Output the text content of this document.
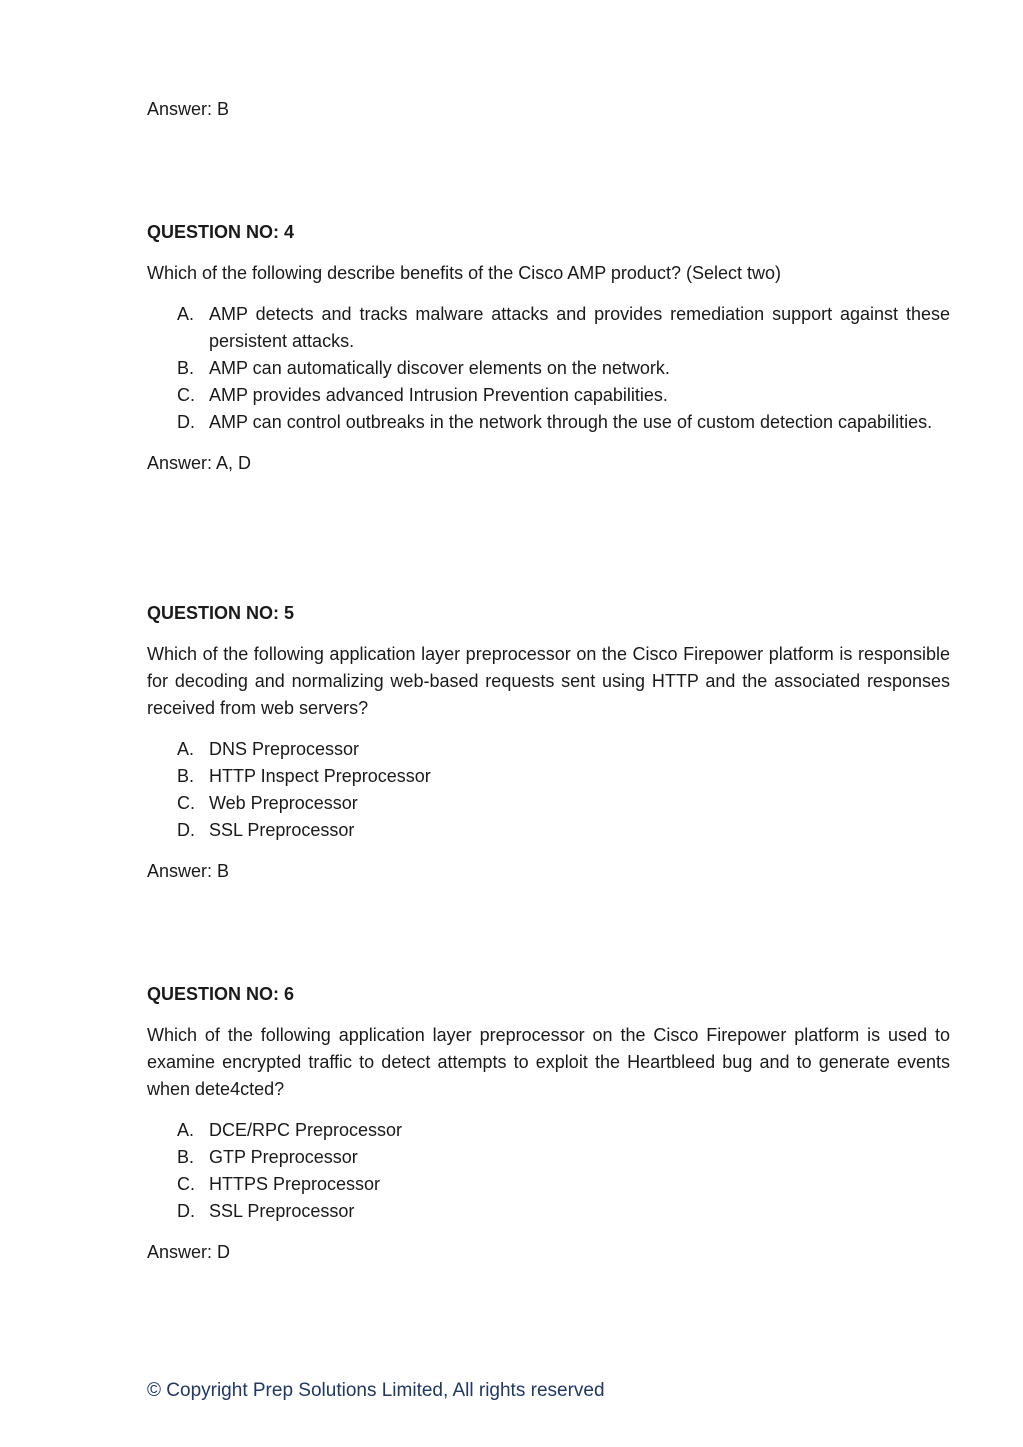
Answer: B

QUESTION NO: 4

Which of the following describe benefits of the Cisco AMP product? (Select two)

A. AMP detects and tracks malware attacks and provides remediation support against these persistent attacks.
B. AMP can automatically discover elements on the network.
C. AMP provides advanced Intrusion Prevention capabilities.
D. AMP can control outbreaks in the network through the use of custom detection capabilities.

Answer: A, D

QUESTION NO: 5

Which of the following application layer preprocessor on the Cisco Firepower platform is responsible for decoding and normalizing web-based requests sent using HTTP and the associated responses received from web servers?

A. DNS Preprocessor
B. HTTP Inspect Preprocessor
C. Web Preprocessor
D. SSL Preprocessor

Answer: B

QUESTION NO: 6

Which of the following application layer preprocessor on the Cisco Firepower platform is used to examine encrypted traffic to detect attempts to exploit the Heartbleed bug and to generate events when dete4cted?

A. DCE/RPC Preprocessor
B. GTP Preprocessor
C. HTTPS Preprocessor
D. SSL Preprocessor

Answer: D

© Copyright Prep Solutions Limited, All rights reserved
